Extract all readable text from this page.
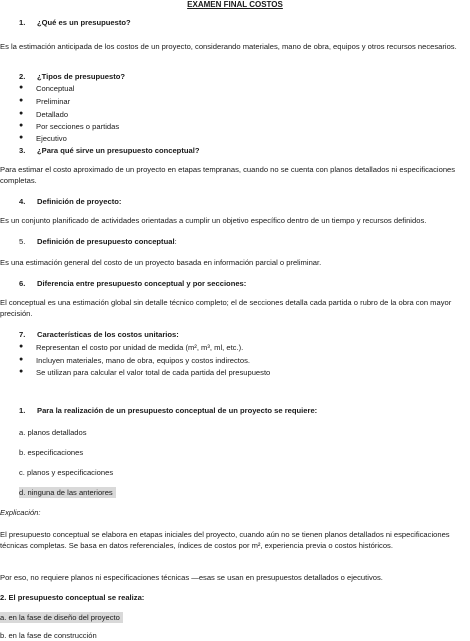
EXAMEN FINAL COSTOS
1.	¿Qué es un presupuesto?
Es la estimación anticipada de los costos de un proyecto, considerando materiales, mano de obra, equipos y otros recursos necesarios.
2.	¿Tipos de presupuesto?
● Conceptual
● Preliminar
● Detallado
● Por secciones o partidas
● Ejecutivo
3.	¿Para qué sirve un presupuesto conceptual?
Para estimar el costo aproximado de un proyecto en etapas tempranas, cuando no se cuenta con planos detallados ni especificaciones completas.
4.	Definición de proyecto:
Es un conjunto planificado de actividades orientadas a cumplir un objetivo específico dentro de un tiempo y recursos definidos.
5.	Definición de presupuesto conceptual:
Es una estimación general del costo de un proyecto basada en información parcial o preliminar.
6.	Diferencia entre presupuesto conceptual y por secciones:
El conceptual es una estimación global sin detalle técnico completo; el de secciones detalla cada partida o rubro de la obra con mayor precisión.
7.	Características de los costos unitarios:
● Representan el costo por unidad de medida (m², m³, ml, etc.).
● Incluyen materiales, mano de obra, equipos y costos indirectos.
● Se utilizan para calcular el valor total de cada partida del presupuesto
1.	Para la realización de un presupuesto conceptual de un proyecto se requiere:
a. planos detallados
b. especificaciones
c. planos y especificaciones
d. ninguna de las anteriores
Explicación:
El presupuesto conceptual se elabora en etapas iniciales del proyecto, cuando aún no se tienen planos detallados ni especificaciones técnicas completas. Se basa en datos referenciales, índices de costos por m², experiencia previa o costos históricos.
Por eso, no requiere planos ni especificaciones técnicas —esas se usan en presupuestos detallados o ejecutivos.
2. El presupuesto conceptual se realiza:
a. en la fase de diseño del proyecto
b. en la fase de construcción
